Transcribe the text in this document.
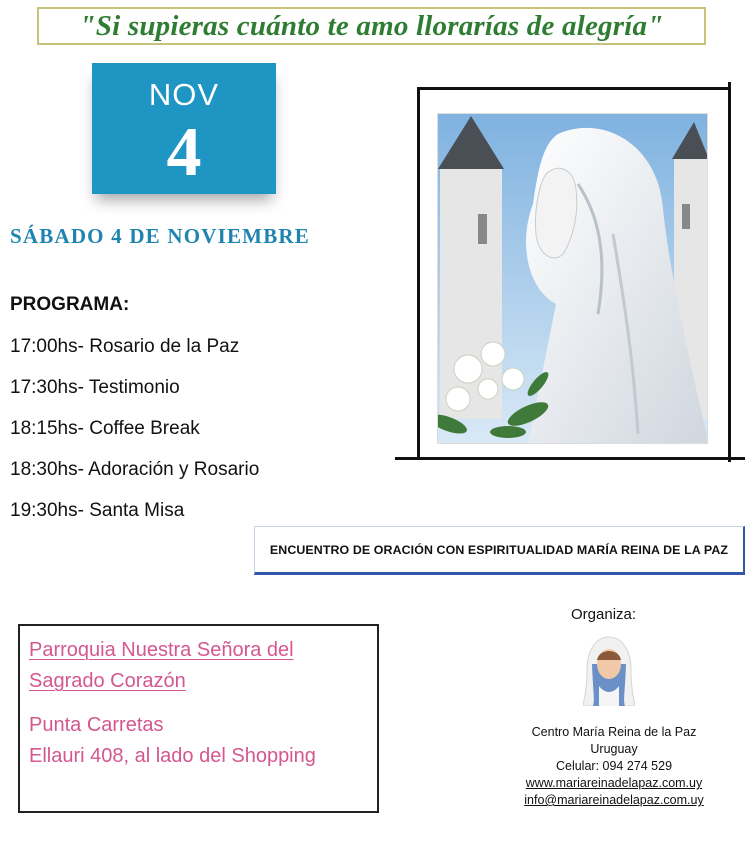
"Si supieras cuánto te amo llorarías de alegría"
NOV
4
SÁBADO 4 DE NOVIEMBRE
PROGRAMA:
17:00hs- Rosario de la Paz
17:30hs- Testimonio
18:15hs- Coffee Break
18:30hs- Adoración y Rosario
19:30hs- Santa Misa
ENCUENTRO DE ORACIÓN CON ESPIRITUALIDAD MARÍA REINA DE LA PAZ
Parroquia Nuestra Señora del
Sagrado Corazón
Punta Carretas
Ellauri 408, al lado del Shopping
Organiza:
Centro María Reina de la Paz
Uruguay
Celular: 094 274 529
www.mariareinadelapaz.com.uy
info@mariareinadelapaz.com.uy
